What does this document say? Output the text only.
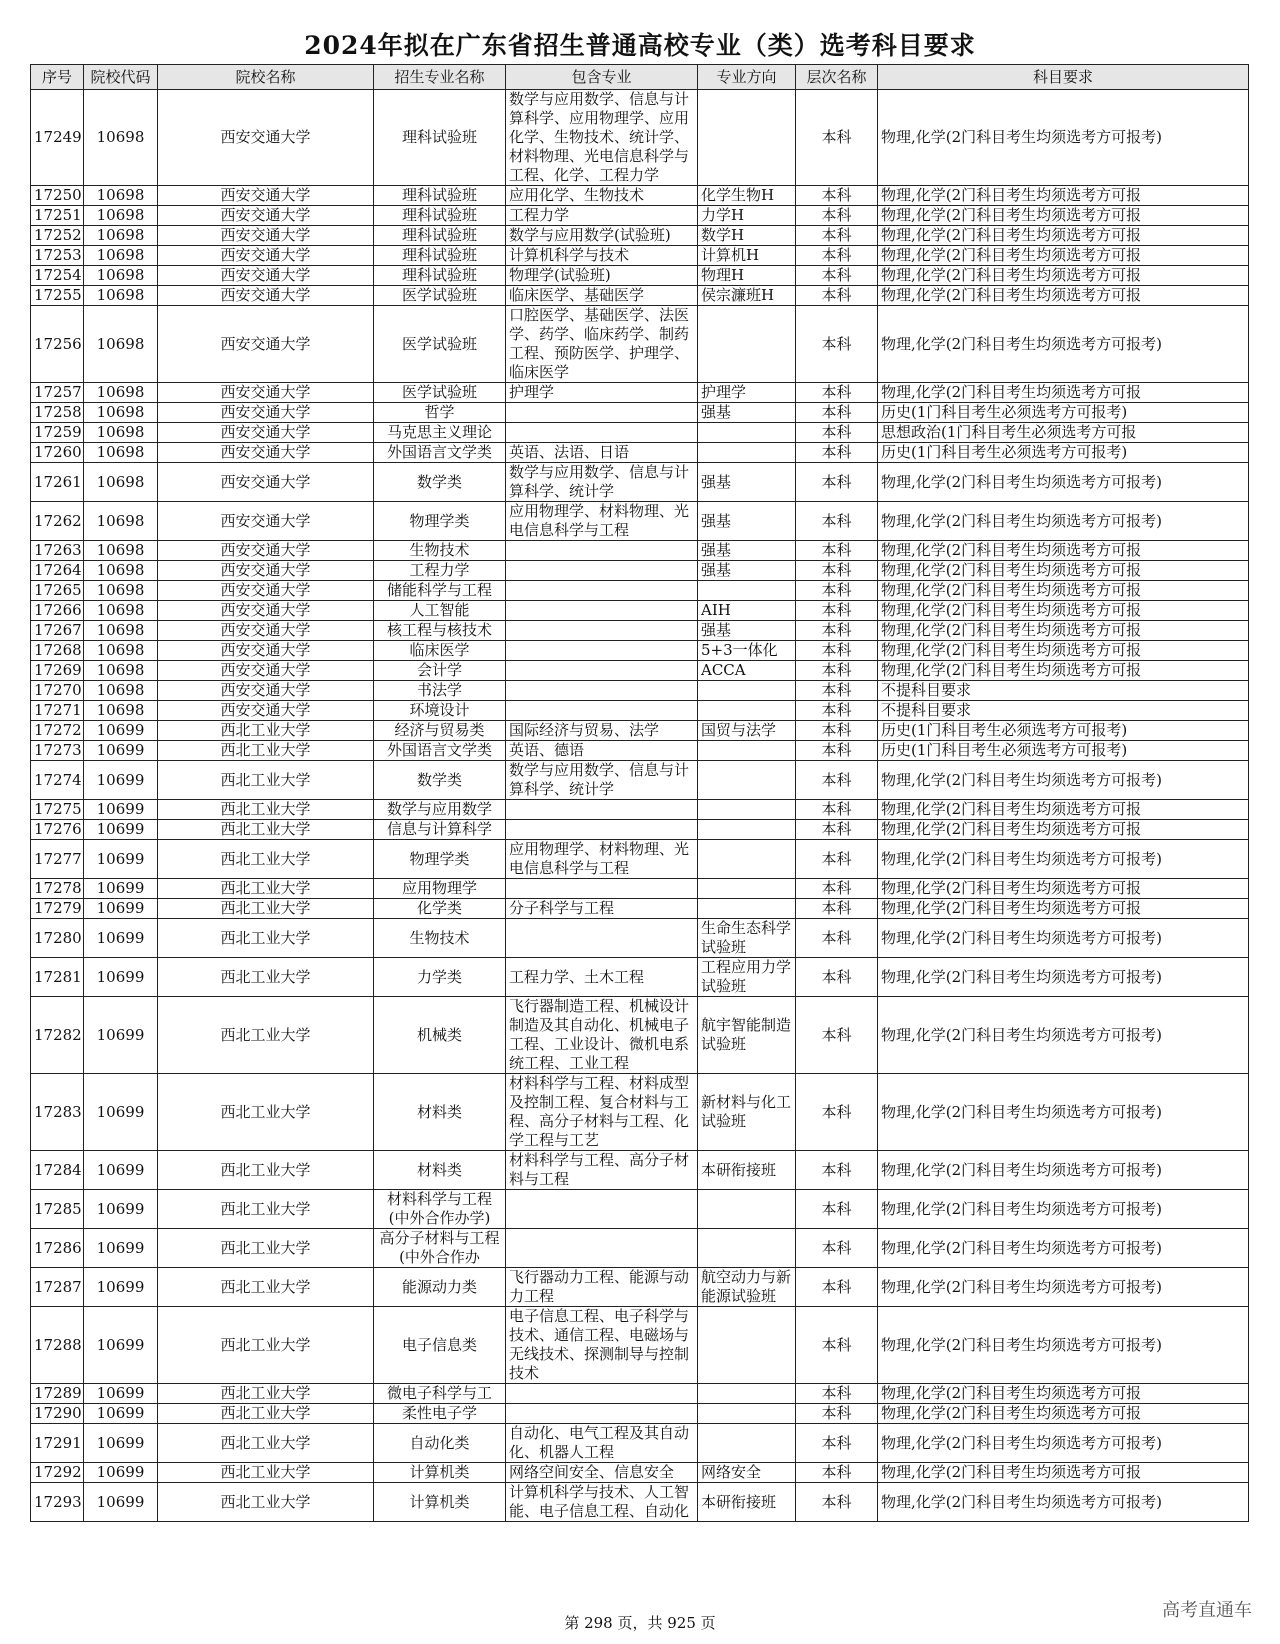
2024年拟在广东省招生普通高校专业（类）选考科目要求
序号	院校代码	院校名称	招生专业名称	包含专业	专业方向	层次名称	科目要求
17249	10698	西安交通大学	理科试验班	数学与应用数学、信息与计算科学、应用物理学、应用化学、生物技术、统计学、材料物理、光电信息科学与工程、化学、工程力学		本科	物理,化学(2门科目考生均须选考方可报考)
17250	10698	西安交通大学	理科试验班	应用化学、生物技术	化学生物H	本科	物理,化学(2门科目考生均须选考方可报
17251	10698	西安交通大学	理科试验班	工程力学	力学H	本科	物理,化学(2门科目考生均须选考方可报
17252	10698	西安交通大学	理科试验班	数学与应用数学(试验班)	数学H	本科	物理,化学(2门科目考生均须选考方可报
17253	10698	西安交通大学	理科试验班	计算机科学与技术	计算机H	本科	物理,化学(2门科目考生均须选考方可报
17254	10698	西安交通大学	理科试验班	物理学(试验班)	物理H	本科	物理,化学(2门科目考生均须选考方可报
17255	10698	西安交通大学	医学试验班	临床医学、基础医学	侯宗濂班H	本科	物理,化学(2门科目考生均须选考方可报
17256	10698	西安交通大学	医学试验班	口腔医学、基础医学、法医学、药学、临床药学、制药工程、预防医学、护理学、临床医学		本科	物理,化学(2门科目考生均须选考方可报考)
17257	10698	西安交通大学	医学试验班	护理学	护理学	本科	物理,化学(2门科目考生均须选考方可报
17258	10698	西安交通大学	哲学		强基	本科	历史(1门科目考生必须选考方可报考)
17259	10698	西安交通大学	马克思主义理论			本科	思想政治(1门科目考生必须选考方可报
17260	10698	西安交通大学	外国语言文学类	英语、法语、日语		本科	历史(1门科目考生必须选考方可报考)
17261	10698	西安交通大学	数学类	数学与应用数学、信息与计算科学、统计学	强基	本科	物理,化学(2门科目考生均须选考方可报考)
17262	10698	西安交通大学	物理学类	应用物理学、材料物理、光电信息科学与工程	强基	本科	物理,化学(2门科目考生均须选考方可报考)
17263	10698	西安交通大学	生物技术		强基	本科	物理,化学(2门科目考生均须选考方可报
17264	10698	西安交通大学	工程力学		强基	本科	物理,化学(2门科目考生均须选考方可报
17265	10698	西安交通大学	储能科学与工程			本科	物理,化学(2门科目考生均须选考方可报
17266	10698	西安交通大学	人工智能		AIH	本科	物理,化学(2门科目考生均须选考方可报
17267	10698	西安交通大学	核工程与核技术		强基	本科	物理,化学(2门科目考生均须选考方可报
17268	10698	西安交通大学	临床医学		5+3一体化	本科	物理,化学(2门科目考生均须选考方可报
17269	10698	西安交通大学	会计学		ACCA	本科	物理,化学(2门科目考生均须选考方可报
17270	10698	西安交通大学	书法学			本科	不提科目要求
17271	10698	西安交通大学	环境设计			本科	不提科目要求
17272	10699	西北工业大学	经济与贸易类	国际经济与贸易、法学	国贸与法学	本科	历史(1门科目考生必须选考方可报考)
17273	10699	西北工业大学	外国语言文学类	英语、德语		本科	历史(1门科目考生必须选考方可报考)
17274	10699	西北工业大学	数学类	数学与应用数学、信息与计算科学、统计学		本科	物理,化学(2门科目考生均须选考方可报考)
17275	10699	西北工业大学	数学与应用数学			本科	物理,化学(2门科目考生均须选考方可报
17276	10699	西北工业大学	信息与计算科学			本科	物理,化学(2门科目考生均须选考方可报
17277	10699	西北工业大学	物理学类	应用物理学、材料物理、光电信息科学与工程		本科	物理,化学(2门科目考生均须选考方可报考)
17278	10699	西北工业大学	应用物理学			本科	物理,化学(2门科目考生均须选考方可报
17279	10699	西北工业大学	化学类	分子科学与工程		本科	物理,化学(2门科目考生均须选考方可报
17280	10699	西北工业大学	生物技术		生命生态科学试验班	本科	物理,化学(2门科目考生均须选考方可报考)
17281	10699	西北工业大学	力学类	工程力学、土木工程	工程应用力学试验班	本科	物理,化学(2门科目考生均须选考方可报考)
17282	10699	西北工业大学	机械类	飞行器制造工程、机械设计制造及其自动化、机械电子工程、工业设计、微机电系统工程、工业工程	航宇智能制造试验班	本科	物理,化学(2门科目考生均须选考方可报考)
17283	10699	西北工业大学	材料类	材料科学与工程、材料成型及控制工程、复合材料与工程、高分子材料与工程、化学工程与工艺	新材料与化工试验班	本科	物理,化学(2门科目考生均须选考方可报考)
17284	10699	西北工业大学	材料类	材料科学与工程、高分子材料与工程	本研衔接班	本科	物理,化学(2门科目考生均须选考方可报考)
17285	10699	西北工业大学	材料科学与工程(中外合作办学)			本科	物理,化学(2门科目考生均须选考方可报考)
17286	10699	西北工业大学	高分子材料与工程(中外合作办			本科	物理,化学(2门科目考生均须选考方可报考)
17287	10699	西北工业大学	能源动力类	飞行器动力工程、能源与动力工程	航空动力与新能源试验班	本科	物理,化学(2门科目考生均须选考方可报考)
17288	10699	西北工业大学	电子信息类	电子信息工程、电子科学与技术、通信工程、电磁场与无线技术、探测制导与控制技术		本科	物理,化学(2门科目考生均须选考方可报考)
17289	10699	西北工业大学	微电子科学与工			本科	物理,化学(2门科目考生均须选考方可报
17290	10699	西北工业大学	柔性电子学			本科	物理,化学(2门科目考生均须选考方可报
17291	10699	西北工业大学	自动化类	自动化、电气工程及其自动化、机器人工程		本科	物理,化学(2门科目考生均须选考方可报考)
17292	10699	西北工业大学	计算机类	网络空间安全、信息安全	网络安全	本科	物理,化学(2门科目考生均须选考方可报
17293	10699	西北工业大学	计算机类	计算机科学与技术、人工智能、电子信息工程、自动化	本研衔接班	本科	物理,化学(2门科目考生均须选考方可报考)
第 298 页，共 925 页
高考直通车
